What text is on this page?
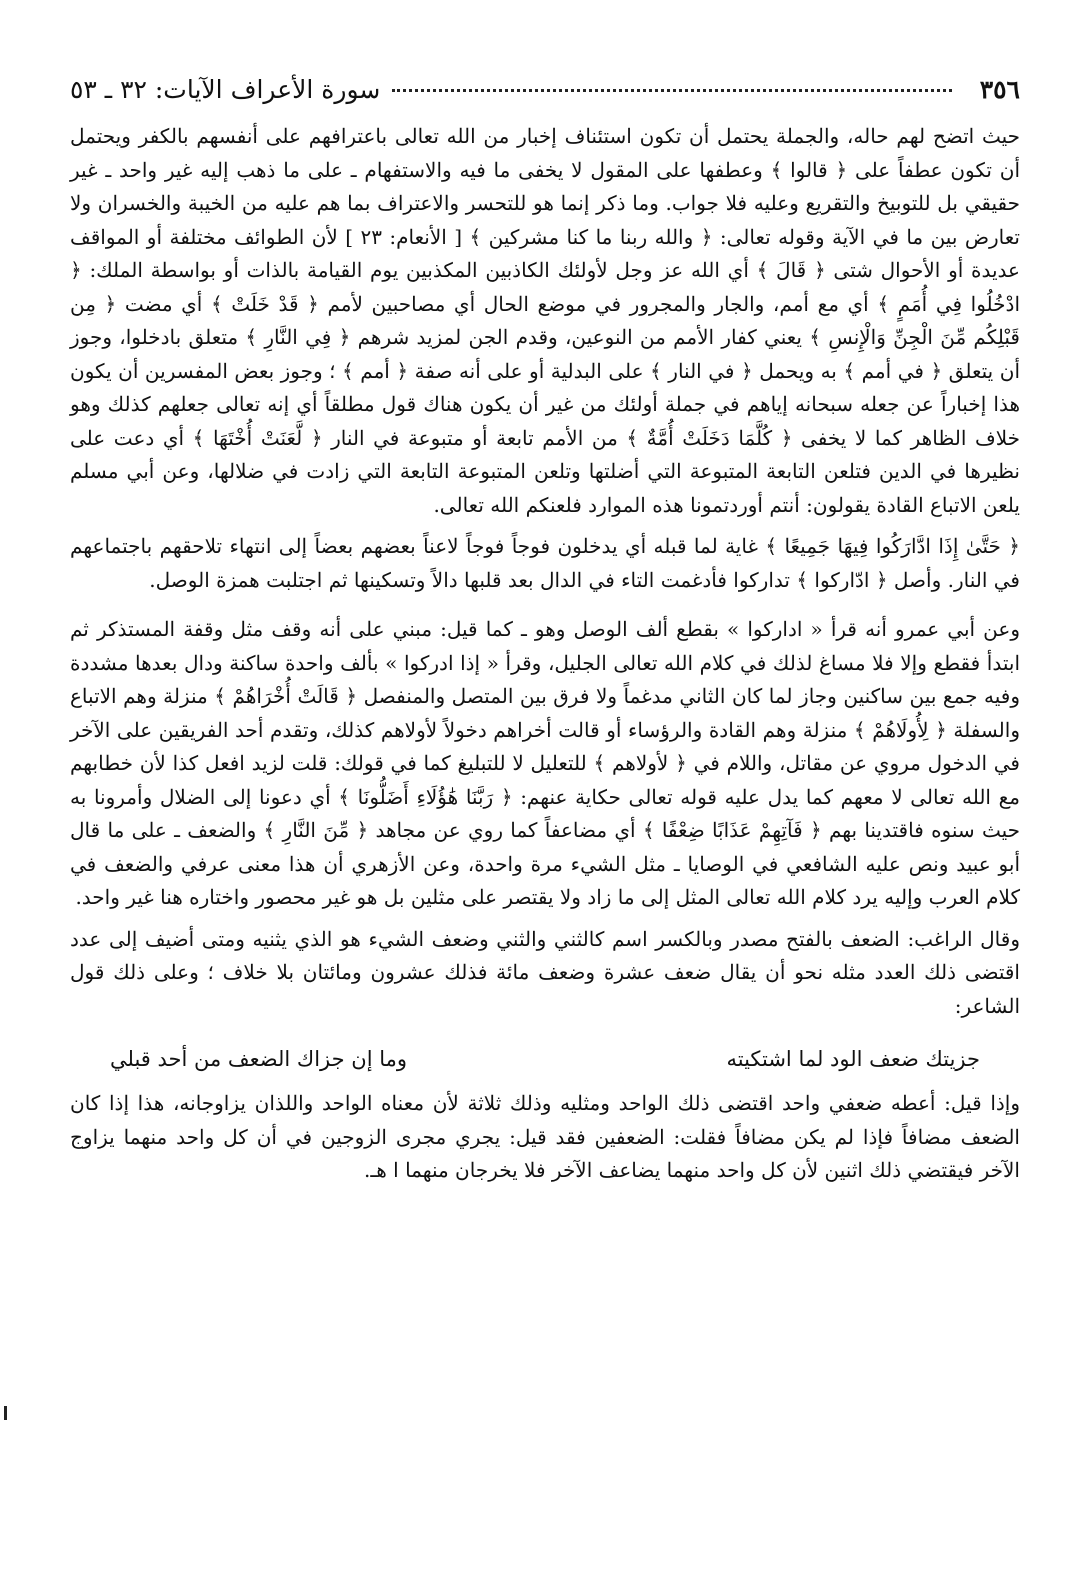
٣٥٦
سورة الأعراف الآيات: ٣٢ ـ ٥٣

حيث اتضح لهم حاله، والجملة يحتمل أن تكون استئناف إخبار من الله تعالى باعترافهم على أنفسهم بالكفر ويحتمل أن تكون عطفاً على ﴿ قالوا ﴾ وعطفها على المقول لا يخفى ما فيه والاستفهام ـ على ما ذهب إليه غير واحد ـ غير حقيقي بل للتوبيخ والتقريع وعليه فلا جواب. وما ذكر إنما هو للتحسر والاعتراف بما هم عليه من الخيبة والخسران ولا تعارض بين ما في الآية وقوله تعالى: ﴿ والله ربنا ما كنا مشركين ﴾ [ الأنعام: ٢٣ ] لأن الطوائف مختلفة أو المواقف عديدة أو الأحوال شتى ﴿ قَالَ ﴾ أي الله عز وجل لأولئك الكاذبين المكذبين يوم القيامة بالذات أو بواسطة الملك: ﴿ ادْخُلُوا فِي أُمَمٍ ﴾ أي مع أمم، والجار والمجرور في موضع الحال أي مصاحبين لأمم ﴿ قَدْ خَلَتْ ﴾ أي مضت ﴿ مِن قَبْلِكُم مِّنَ الْجِنِّ وَالْإِنسِ ﴾ يعني كفار الأمم من النوعين، وقدم الجن لمزيد شرهم ﴿ فِي النَّارِ ﴾ متعلق بادخلوا، وجوز أن يتعلق ﴿ في أمم ﴾ به ويحمل ﴿ في النار ﴾ على البدلية أو على أنه صفة ﴿ أمم ﴾ ؛ وجوز بعض المفسرين أن يكون هذا إخباراً عن جعله سبحانه إياهم في جملة أولئك من غير أن يكون هناك قول مطلقاً أي إنه تعالى جعلهم كذلك وهو خلاف الظاهر كما لا يخفى ﴿ كُلَّمَا دَخَلَتْ أُمَّةٌ ﴾ من الأمم تابعة أو متبوعة في النار ﴿ لَّعَنَتْ أُخْتَهَا ﴾ أي دعت على نظيرها في الدين فتلعن التابعة المتبوعة التي أضلتها وتلعن المتبوعة التابعة التي زادت في ضلالها، وعن أبي مسلم يلعن الاتباع القادة يقولون: أنتم أوردتمونا هذه الموارد فلعنكم الله تعالى.

﴿ حَتَّىٰ إِذَا ادَّارَكُوا فِيهَا جَمِيعًا ﴾ غاية لما قبله أي يدخلون فوجاً فوجاً لاعناً بعضهم بعضاً إلى انتهاء تلاحقهم باجتماعهم في النار. وأصل ﴿ ادّاركوا ﴾ تداركوا فأدغمت التاء في الدال بعد قلبها دالاً وتسكينها ثم اجتلبت همزة الوصل.

وعن أبي عمرو أنه قرأ « اداركوا » بقطع ألف الوصل وهو ـ كما قيل: مبني على أنه وقف مثل وقفة المستذكر ثم ابتدأ فقطع وإلا فلا مساغ لذلك في كلام الله تعالى الجليل، وقرأ « إذا ادركوا » بألف واحدة ساكنة ودال بعدها مشددة وفيه جمع بين ساكنين وجاز لما كان الثاني مدغماً ولا فرق بين المتصل والمنفصل ﴿ قَالَتْ أُخْرَاهُمْ ﴾ منزلة وهم الاتباع والسفلة ﴿ لِأُولَاهُمْ ﴾ منزلة وهم القادة والرؤساء أو قالت أخراهم دخولاً لأولاهم كذلك، وتقدم أحد الفريقين على الآخر في الدخول مروي عن مقاتل، واللام في ﴿ لأولاهم ﴾ للتعليل لا للتبليغ كما في قولك: قلت لزيد افعل كذا لأن خطابهم مع الله تعالى لا معهم كما يدل عليه قوله تعالى حكاية عنهم: ﴿ رَبَّنَا هَٰؤُلَاءِ أَضَلُّونَا ﴾ أي دعونا إلى الضلال وأمرونا به حيث سنوه فاقتدينا بهم ﴿ فَآتِهِمْ عَذَابًا ضِعْفًا ﴾ أي مضاعفاً كما روي عن مجاهد ﴿ مِّنَ النَّارِ ﴾ والضعف ـ على ما قال أبو عبيد ونص عليه الشافعي في الوصايا ـ مثل الشيء مرة واحدة، وعن الأزهري أن هذا معنى عرفي والضعف في كلام العرب وإليه يرد كلام الله تعالى المثل إلى ما زاد ولا يقتصر على مثلين بل هو غير محصور واختاره هنا غير واحد.

وقال الراغب: الضعف بالفتح مصدر وبالكسر اسم كالثني والثني وضعف الشيء هو الذي يثنيه ومتى أضيف إلى عدد اقتضى ذلك العدد مثله نحو أن يقال ضعف عشرة وضعف مائة فذلك عشرون ومائتان بلا خلاف ؛ وعلى ذلك قول الشاعر:

جزيتك ضعف الود لما اشتكيته
وما إن جزاك الضعف من أحد قبلي

وإذا قيل: أعطه ضعفي واحد اقتضى ذلك الواحد ومثليه وذلك ثلاثة لأن معناه الواحد واللذان يزاوجانه، هذا إذا كان الضعف مضافاً فإذا لم يكن مضافاً فقلت: الضعفين فقد قيل: يجري مجرى الزوجين في أن كل واحد منهما يزاوج الآخر فيقتضي ذلك اثنين لأن كل واحد منهما يضاعف الآخر فلا يخرجان منهما ا هـ.
